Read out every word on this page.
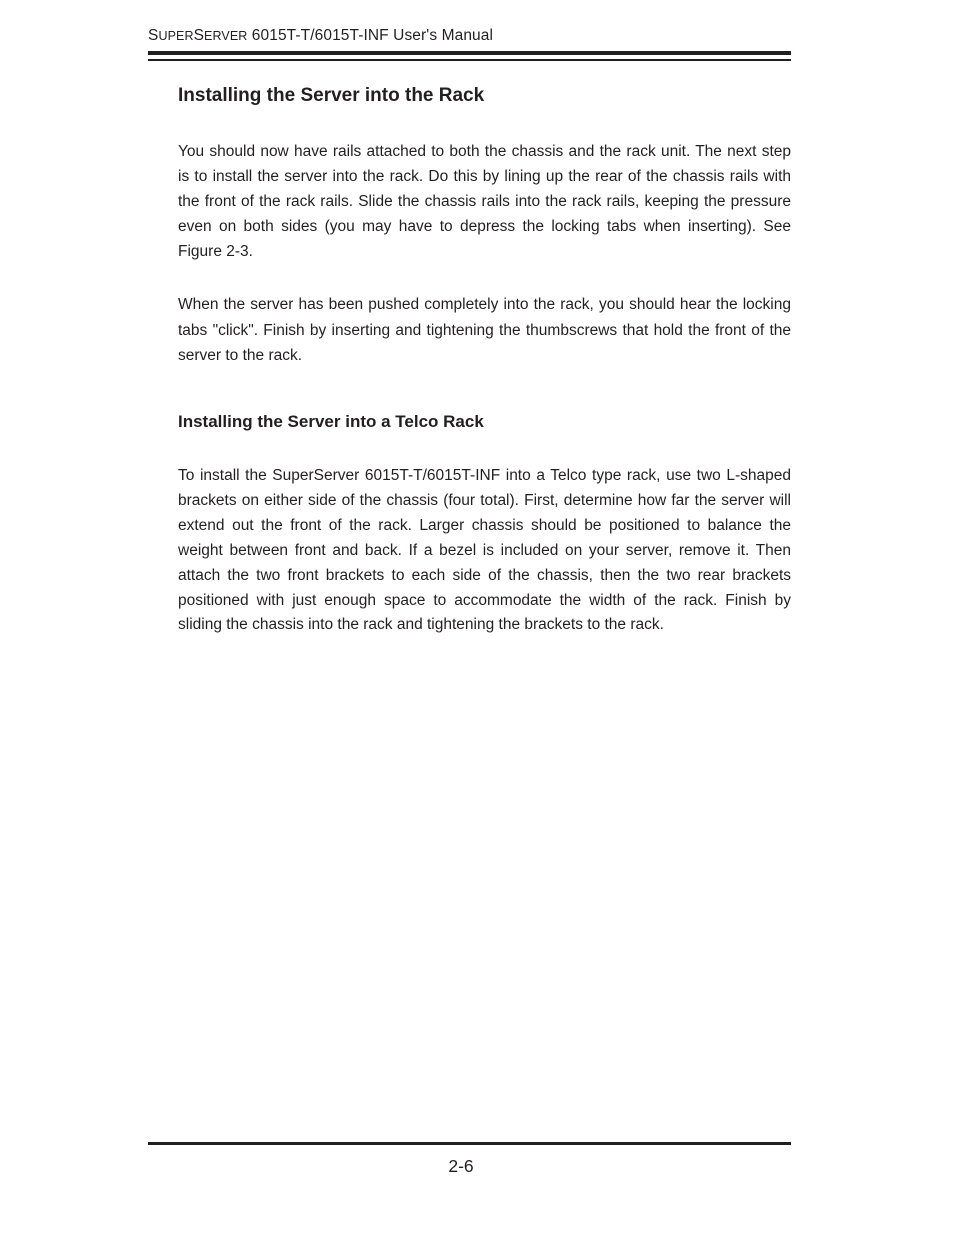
SUPERSERVER 6015T-T/6015T-INF User's Manual
Installing the Server into the Rack

You should now have rails attached to both the chassis and the rack unit. The next step is to install the server into the rack. Do this by lining up the rear of the chassis rails with the front of the rack rails. Slide the chassis rails into the rack rails, keeping the pressure even on both sides (you may have to depress the locking tabs when inserting). See Figure 2-3.

When the server has been pushed completely into the rack, you should hear the locking tabs "click". Finish by inserting and tightening the thumbscrews that hold the front of the server to the rack.

Installing the Server into a Telco Rack

To install the SuperServer 6015T-T/6015T-INF into a Telco type rack, use two L-shaped brackets on either side of the chassis (four total). First, determine how far the server will extend out the front of the rack. Larger chassis should be positioned to balance the weight between front and back. If a bezel is included on your server, remove it. Then attach the two front brackets to each side of the chassis, then the two rear brackets positioned with just enough space to accommodate the width of the rack. Finish by sliding the chassis into the rack and tightening the brackets to the rack.

2-6
